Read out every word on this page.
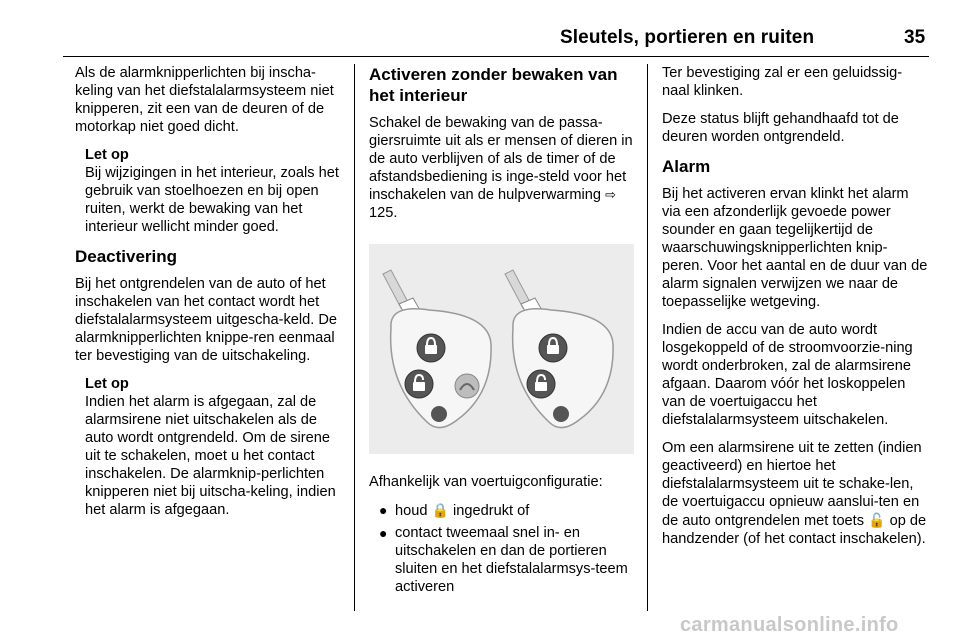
Sleutels, portieren en ruiten	35

Als de alarmknipperlichten bij inscha-keling van het diefstalalarmsysteem niet knipperen, zit een van de deuren of de motorkap niet goed dicht.

Let op
Bij wijzigingen in het interieur, zoals het gebruik van stoelhoezen en bij open ruiten, werkt de bewaking van het interieur wellicht minder goed.
Deactivering

Bij het ontgrendelen van de auto of het inschakelen van het contact wordt het diefstalalarmsysteem uitgescha-keld. De alarmknipperlichten knippe-ren eenmaal ter bevestiging van de uitschakeling.

Let op
Indien het alarm is afgegaan, zal de alarmsirene niet uitschakelen als de auto wordt ontgrendeld. Om de sirene uit te schakelen, moet u het contact inschakelen. De alarmknip-perlichten knipperen niet bij uitscha-keling, indien het alarm is afgegaan.
Activeren zonder bewaken van het interieur

Schakel de bewaking van de passa-giersruimte uit als er mensen of dieren in de auto verblijven of als de timer of de afstandsbediening is inge-steld voor het inschakelen van de hulpverwarming ⇨ 125.

Afhankelijk van voertuigconfiguratie:

● houd 🔒 ingedrukt of
● contact tweemaal snel in- en uitschakelen en dan de portieren sluiten en het diefstalalarmsys-teem activeren

Ter bevestiging zal er een geluidssig-naal klinken.

Deze status blijft gehandhaafd tot de deuren worden ontgrendeld.

Alarm

Bij het activeren ervan klinkt het alarm via een afzonderlijk gevoede power sounder en gaan tegelijkertijd de waarschuwingsknipperlichten knip-peren. Voor het aantal en de duur van de alarm signalen verwijzen we naar de toepasselijke wetgeving.

Indien de accu van de auto wordt losgekoppeld of de stroomvoorzie-ning wordt onderbroken, zal de alarmsirene afgaan. Daarom vóór het loskoppelen van de voertuigaccu het diefstalalarmsysteem uitschakelen.

Om een alarmsirene uit te zetten (indien geactiveerd) en hiertoe het diefstalalarmsysteem uit te schake-len, de voertuigaccu opnieuw aanslui-ten en de auto ontgrendelen met toets 🔓 op de handzender (of het contact inschakelen).

carmanualsonline.info
